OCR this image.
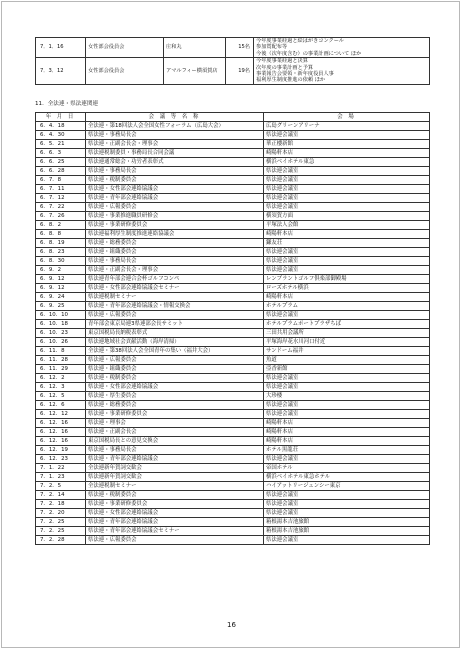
7．1．16	女性部会役員会	庄和丸	15名	今年度事業経過と絵はがきコンクール
参加賞配布等
今後（次年度含む）の事業計画について ほか

7．3．12	女性部会役員会	アマルフィー横須賀店	19名	今年度事業経過と決算
次年度の事業計画と予算
事業報告会要領・新年度役員人事
福利厚生制度推進の依頼 ほか
11．全法連・県法連関連
年 月 日	会 議 等 名 称	会 場
6．4．18	全法連・第18回法人会全国女性フォーラム（広島大会）	広島グリーンアリーナ
6．4．30	県法連・事務局長会	県法連会議室
6．5．21	県法連・正副会長会・理事会	華正樓新館
6．6．3	県法連税制委員・事務局長合同会議	崎陽軒本店
6．6．25	県法連通常総会・功労者表彰式	横浜ベイホテル東急
6．6．28	県法連・事務局長会	県法連会議室
6．7．8	県法連・税制委員会	県法連会議室
6．7．11	県法連・女性部会連絡協議会	県法連会議室
6．7．12	県法連・青年部会連絡協議会	県法連会議室
6．7．22	県法連・広報委員会	県法連会議室
6．7．26	県法連・事業推進職員研修会	横須賀方面
6．8．2	県法連・事業研修委員会	平塚法人会館
6．8．8	県法連福利厚生制度推進連絡協議会	崎陽軒本店
6．8．19	県法連・総務委員会	鎌友荘
6．8．23	県法連・組織委員会	県法連会議室
6．8．30	県法連・事務局長会	県法連会議室
6．9．2	県法連・正副会長会・理事会	県法連会議室
6．9．12	県法連青年部会連合会杯ゴルフコンペ	レンブラントゴルフ倶楽部御殿場
6．9．12	県法連・女性部会連絡協議会セミナー	ローズホテル横浜
6．9．24	県法連税制セミナー	崎陽軒本店
6．9．25	県法連・青年部会連絡協議会・情報交換会	ホテルプラム
6．10．10	県法連・広報委員会	県法連会議室
6．10．18	青年部会東京局連3県連部会長サミット	ホテルプラムポートプラザちば
6．10．23	東京国税局長納税表彰式	三田共用会議所
6．10．26	県法連地域社会貢献活動（海岸清掃）	平塚海岸花水川河口付近
6．11．8	全法連・第38回法人会全国青年の集い（福井大会）	サンドーム福井
6．11．28	県法連・広報委員会	魚道
6．11．29	県法連・組織委員会	亞香新館
6．12．2	県法連・税制委員会	県法連会議室
6．12．3	県法連・女性部会連絡協議会	県法連会議室
6．12．5	県法連・厚生委員会	大珍楼
6．12．6	県法連・総務委員会	県法連会議室
6．12．12	県法連・事業研修委員会	県法連会議室
6．12．16	県法連・理事会	崎陽軒本店
6．12．16	県法連・正副会長会	崎陽軒本店
6．12．16	東京国税局長との意見交換会	崎陽軒本店
6．12．19	県法連・事務局長会	ホテル黒龍荘
6．12．23	県法連・青年部会連絡協議会	県法連会議室
7．1．22	全法連新年賀詞交歓会	帝国ホテル
7．1．23	県法連新年賀詞交歓会	横浜ベイホテル東急ホテル
7．2．5	全法連税制セミナー	ハイアットリージェンシー東京
7．2．14	県法連・税制委員会	県法連会議室
7．2．18	県法連・事業研修委員会	県法連会議室
7．2．20	県法連・女性部会連絡協議会	県法連会議室
7．2．25	県法連・青年部会連絡協議会	箱根湯本吉池旅館
7．2．25	県法連・青年部会連絡協議会セミナー	箱根湯本吉池旅館
7．2．28	県法連・広報委員会	県法連会議室
16
